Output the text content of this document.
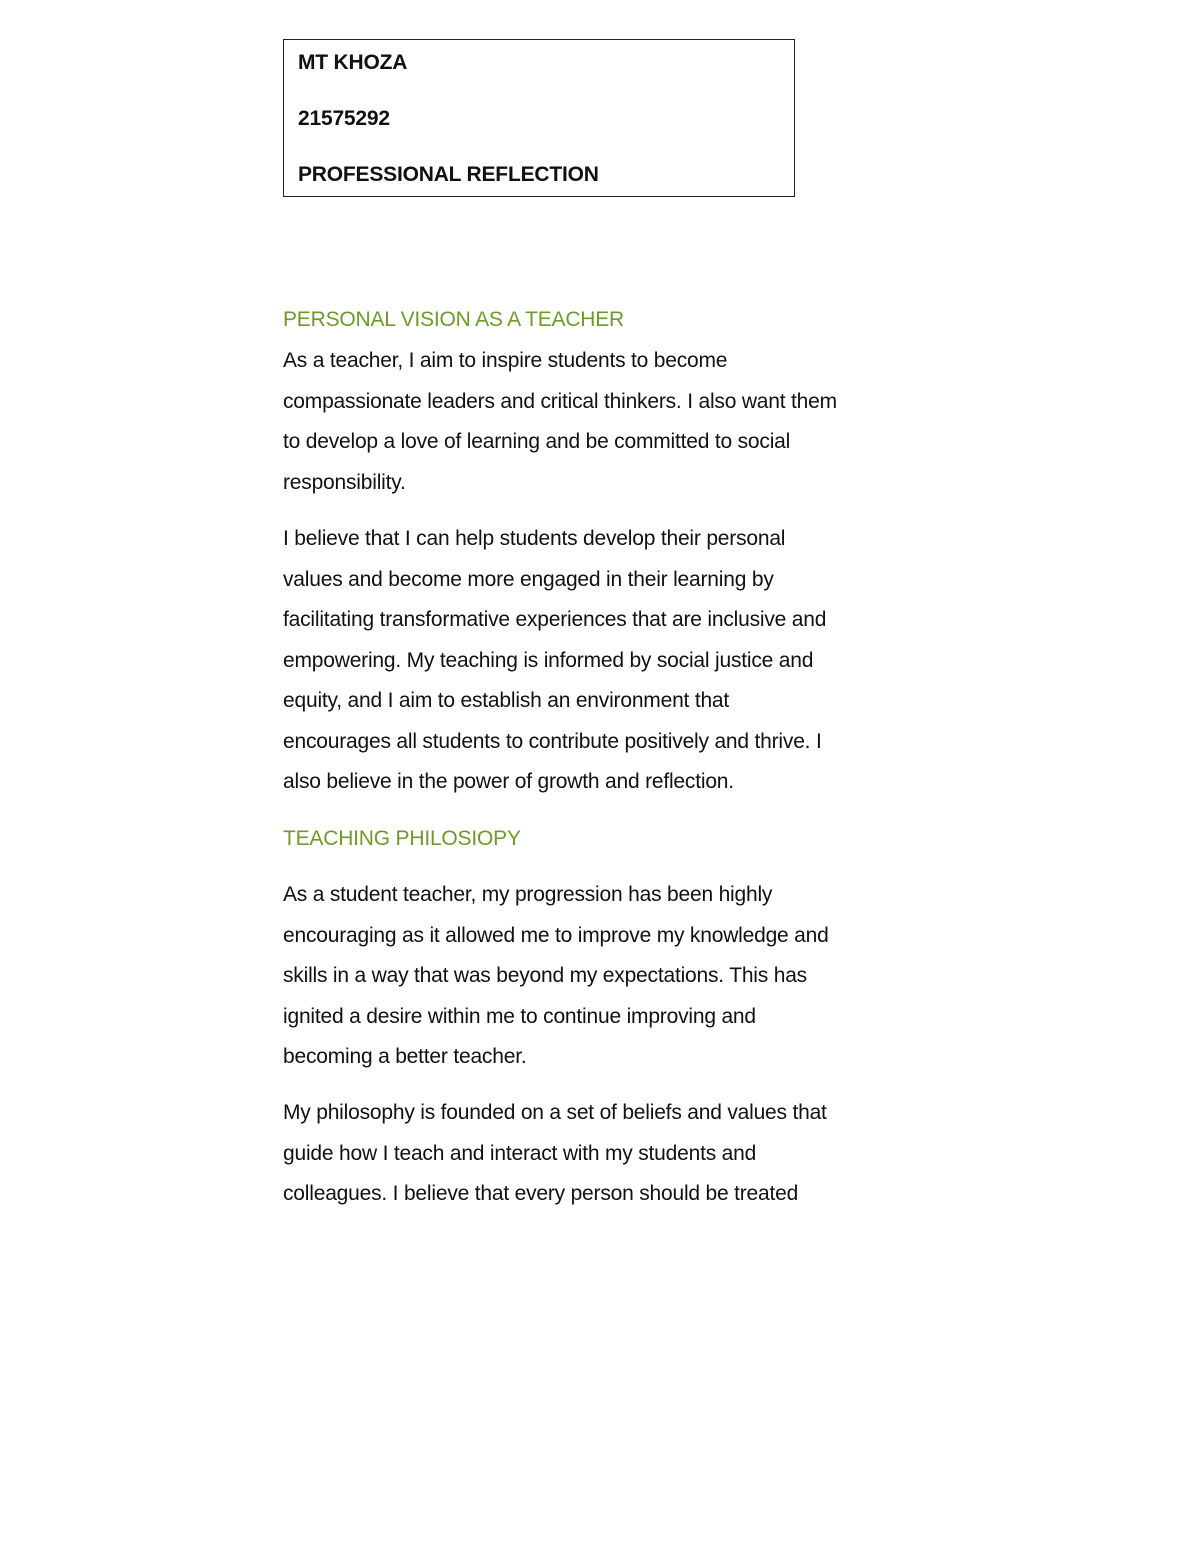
MT KHOZA
21575292
PROFESSIONAL REFLECTION
PERSONAL VISION AS A TEACHER
As a teacher, I aim to inspire students to become
compassionate leaders and critical thinkers. I also want them
to develop a love of learning and be committed to social
responsibility.
I believe that I can help students develop their personal
values and become more engaged in their learning by
facilitating transformative experiences that are inclusive and
empowering. My teaching is informed by social justice and
equity, and I aim to establish an environment that
encourages all students to contribute positively and thrive. I
also believe in the power of growth and reflection.
TEACHING PHILOSIOPY
As a student teacher, my progression has been highly
encouraging as it allowed me to improve my knowledge and
skills in a way that was beyond my expectations. This has
ignited a desire within me to continue improving and
becoming a better teacher.
My philosophy is founded on a set of beliefs and values that
guide how I teach and interact with my students and
colleagues. I believe that every person should be treated
